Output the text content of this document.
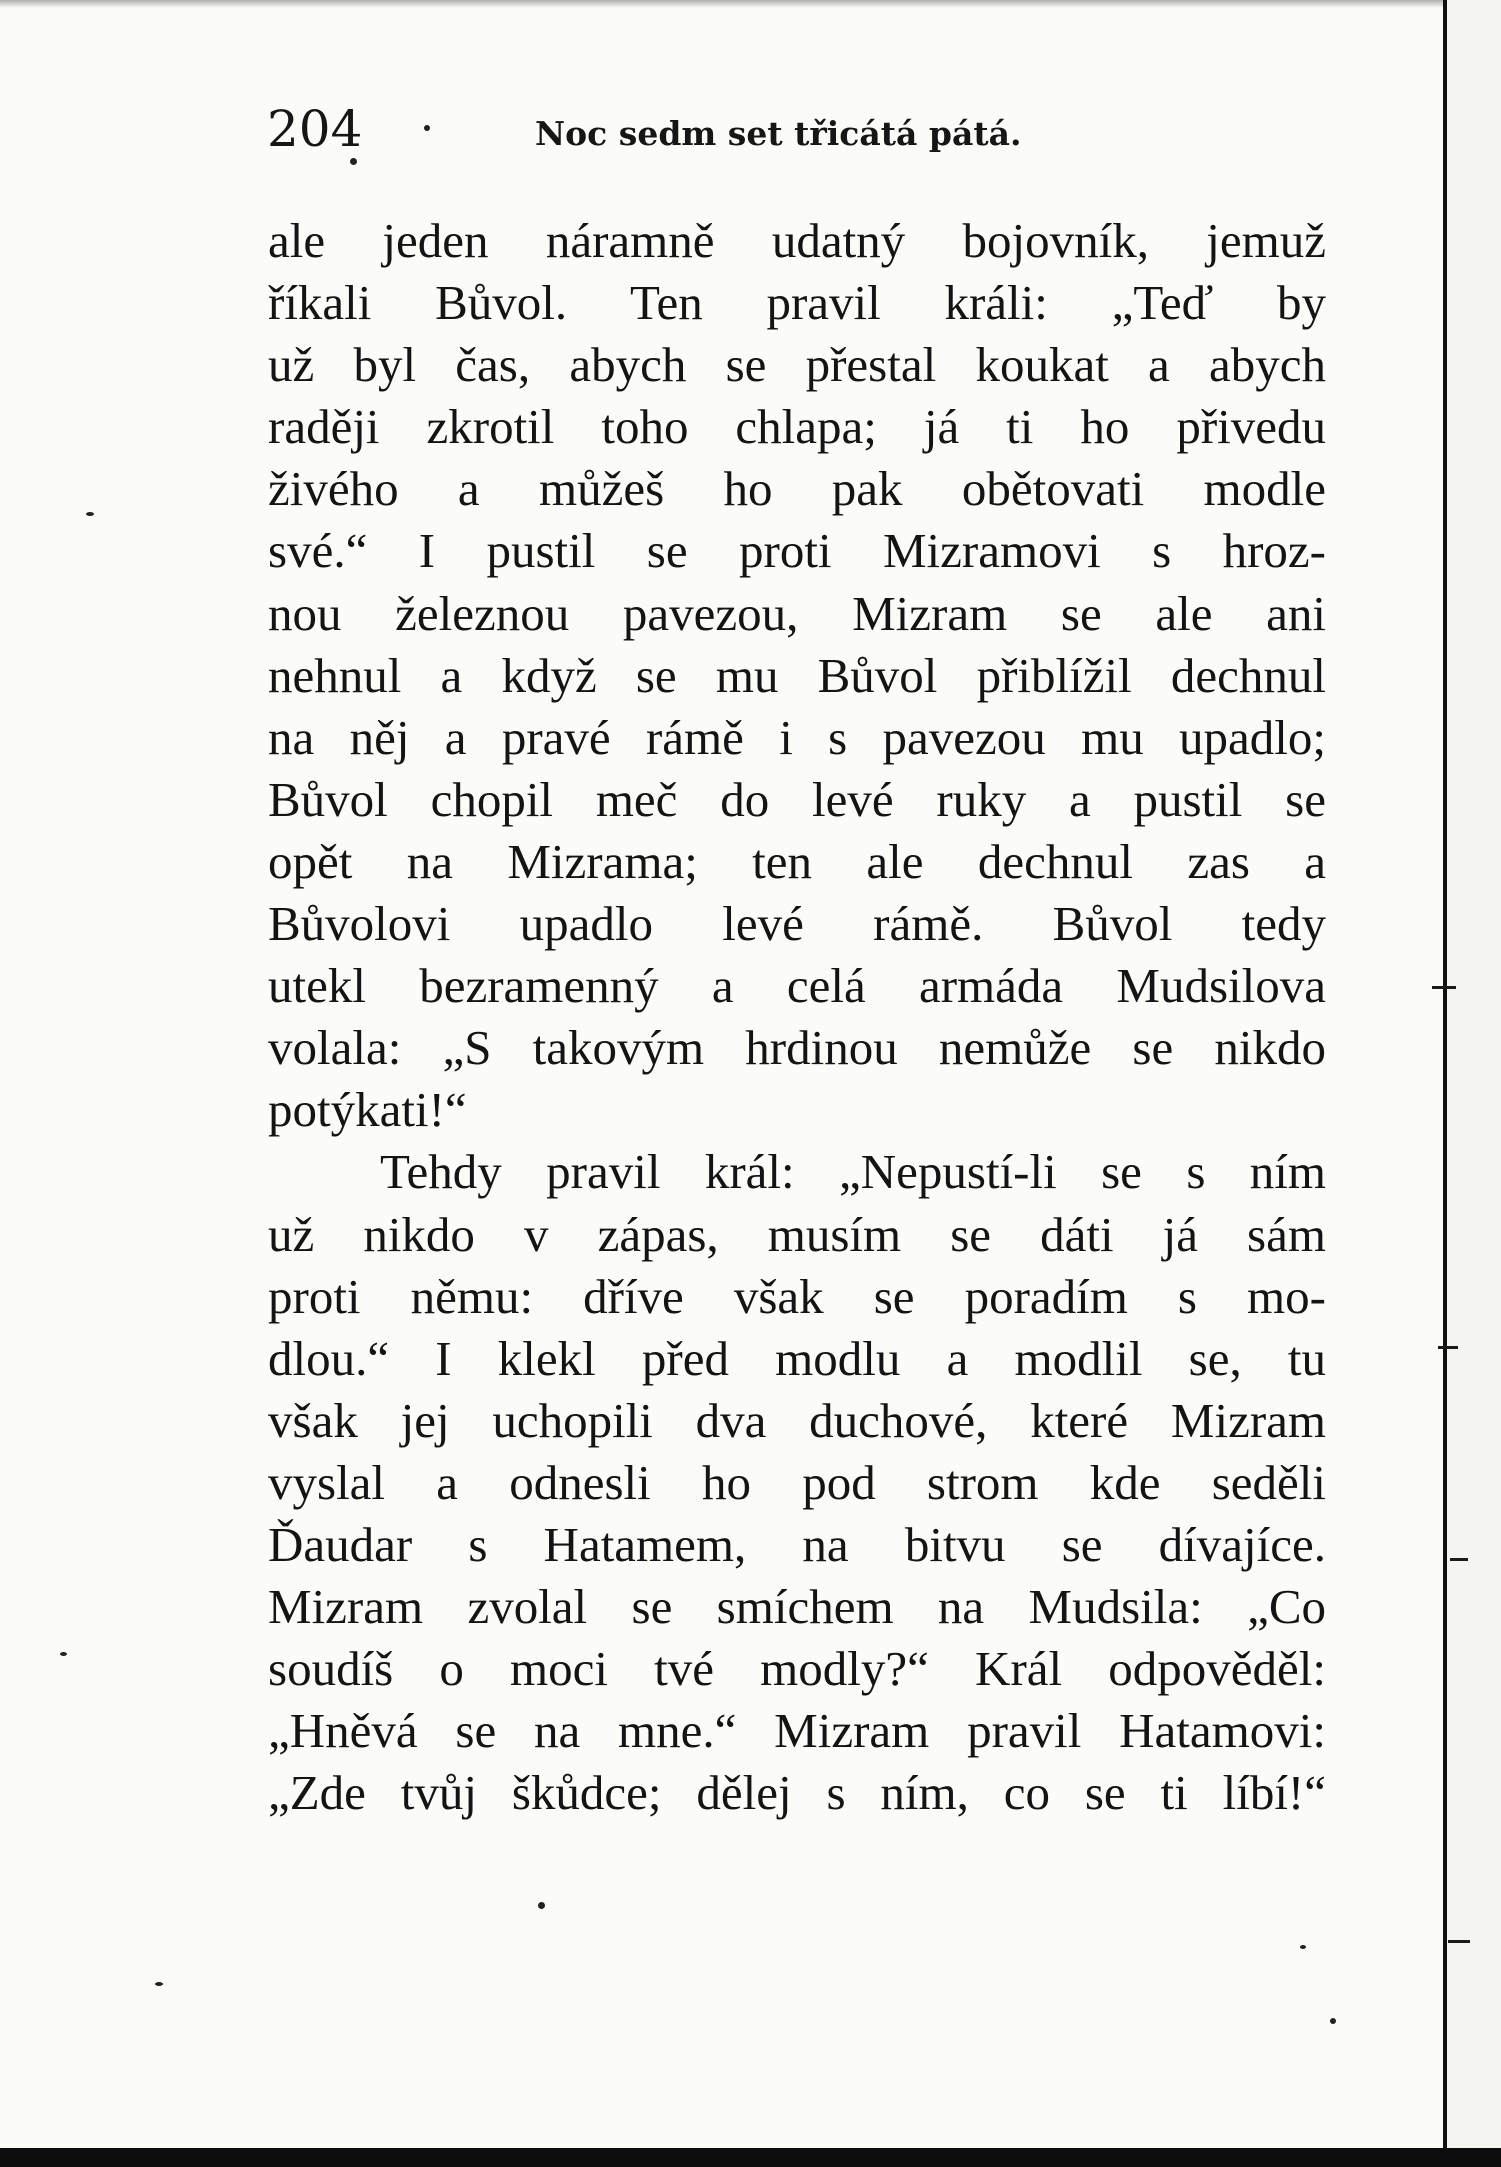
204	Noc sedm set třicátá pátá.
ale jeden náramně udatný bojovník, jemuž
říkali Bůvol. Ten pravil králi: „Teď by
už byl čas, abych se přestal koukat a abych
raději zkrotil toho chlapa; já ti ho přivedu
živého a můžeš ho pak obětovati modle
své.“ I pustil se proti Mizramovi s hroz-
nou železnou pavezou, Mizram se ale ani
nehnul a když se mu Bůvol přiblížil dechnul
na něj a pravé rámě i s pavezou mu upadlo;
Bůvol chopil meč do levé ruky a pustil se
opět na Mizrama; ten ale dechnul zas a
Bůvolovi upadlo levé rámě. Bůvol tedy
utekl bezramenný a celá armáda Mudsilova
volala: „S takovým hrdinou nemůže se nikdo
potýkati!“
Tehdy pravil král: „Nepustí-li se s ním
už nikdo v zápas, musím se dáti já sám
proti němu: dříve však se poradím s mo-
dlou.“ I klekl před modlu a modlil se, tu
však jej uchopili dva duchové, které Mizram
vyslal a odnesli ho pod strom kde seděli
Ďaudar s Hatamem, na bitvu se dívajíce.
Mizram zvolal se smíchem na Mudsila: „Co
soudíš o moci tvé modly?“ Král odpověděl:
„Hněvá se na mne.“ Mizram pravil Hatamovi:
„Zde tvůj škůdce; dělej s ním, co se ti líbí!“
